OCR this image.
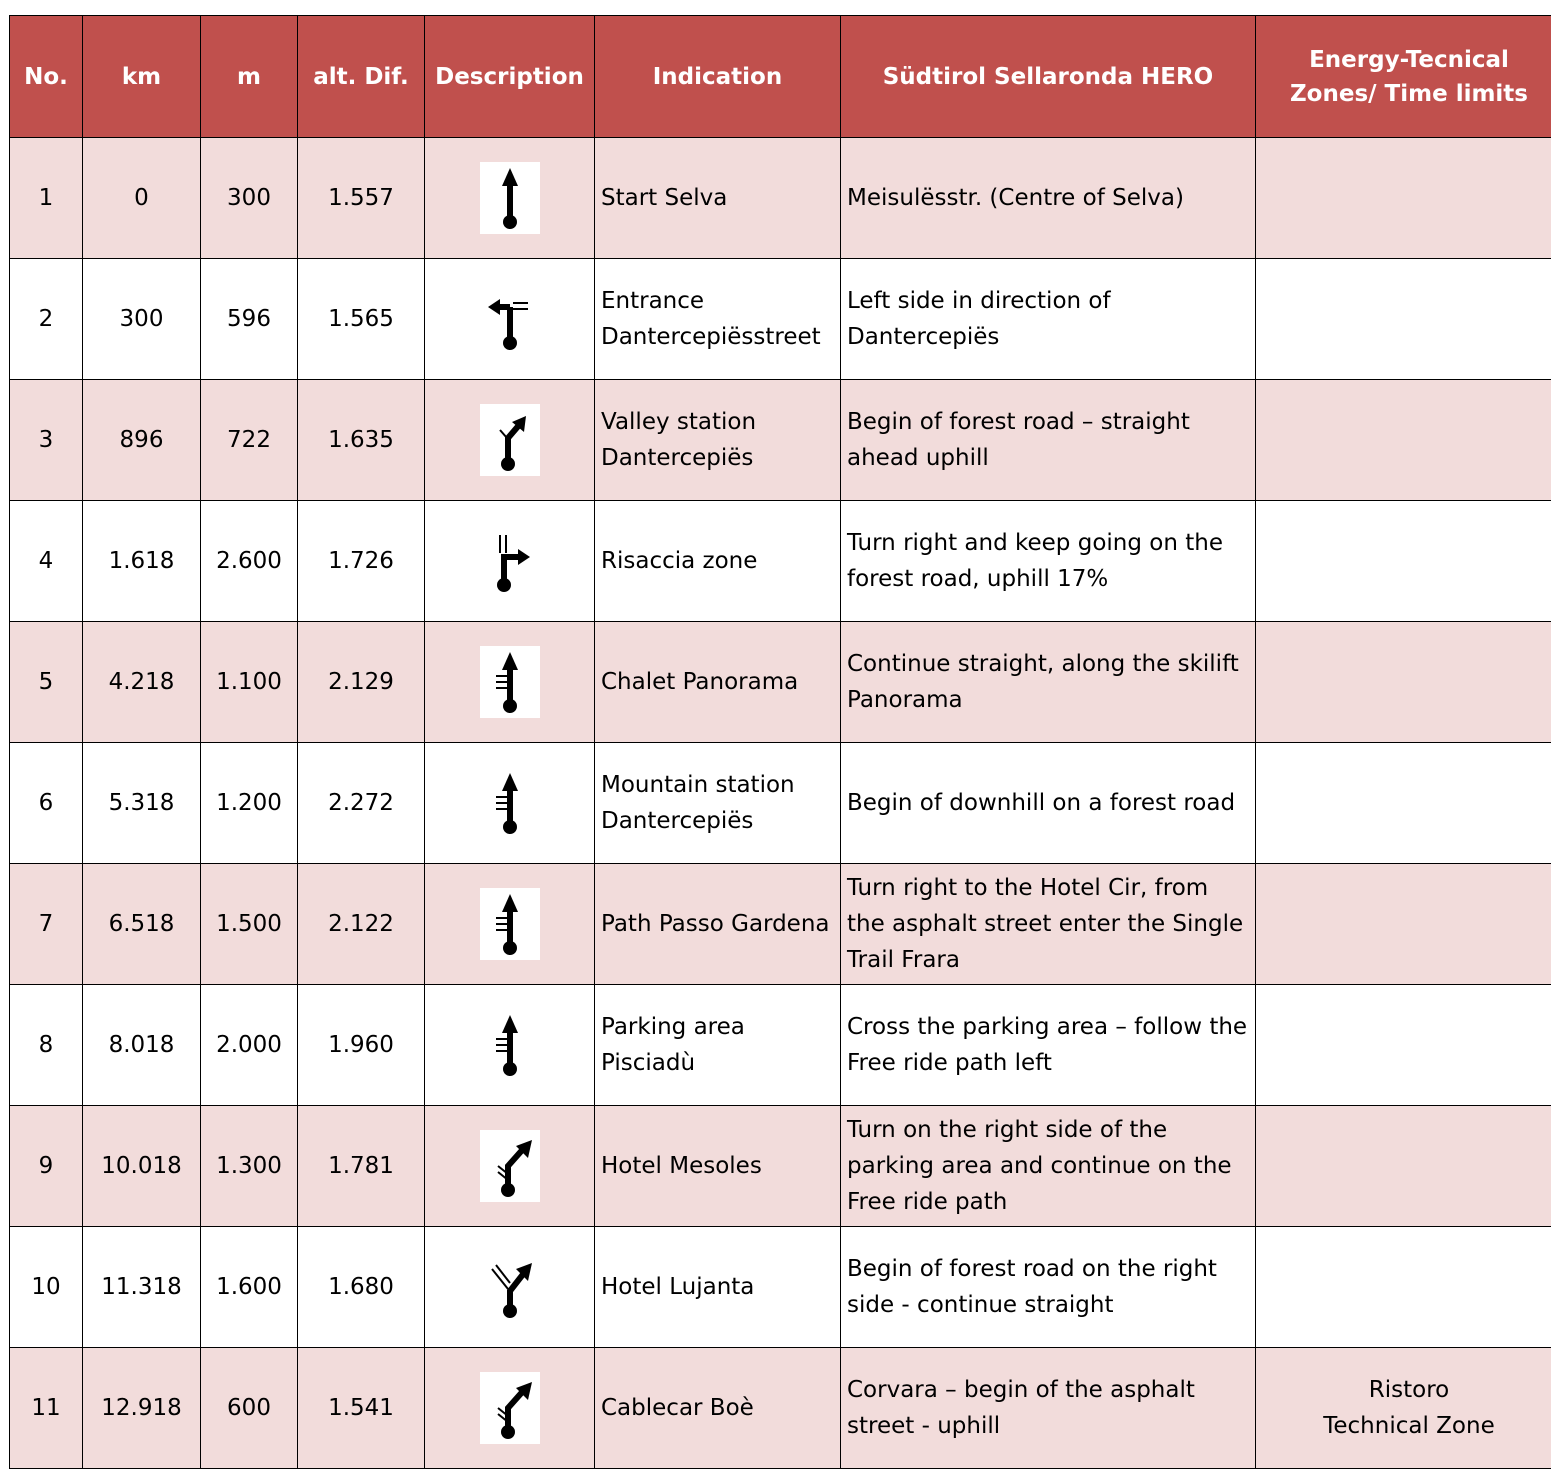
No.	km	m	alt. Dif.	Description	Indication	Südtirol Sellaronda HERO	Energy-Tecnical Zones/ Time limits
1	0	300	1.557		Start Selva	Meisulësstr. (Centre of Selva)	

2	300	596	1.565		Entrance Dantercepiësstreet	Left side in direction of Dantercepiës	

3	896	722	1.635		Valley station Dantercepiës	Begin of forest road – straight ahead uphill	

4	1.618	2.600	1.726		Risaccia zone	Turn right and keep going on the forest road, uphill 17%	

5	4.218	1.100	2.129		Chalet Panorama	Continue straight, along the skilift Panorama	

6	5.318	1.200	2.272		Mountain station Dantercepiës	Begin of downhill on a forest road	

7	6.518	1.500	2.122		Path Passo Gardena	Turn right to the Hotel Cir, from the asphalt street enter the Single Trail Frara	

8	8.018	2.000	1.960		Parking area Pisciadù	Cross the parking area – follow the Free ride path left	

9	10.018	1.300	1.781		Hotel Mesoles	Turn on the right side of the parking area and continue on the Free ride path	

10	11.318	1.600	1.680		Hotel Lujanta	Begin of forest road on the right side - continue straight	

11	12.918	600	1.541		Cablecar Boè	Corvara – begin of the asphalt street - uphill	Ristoro
Technical Zone
